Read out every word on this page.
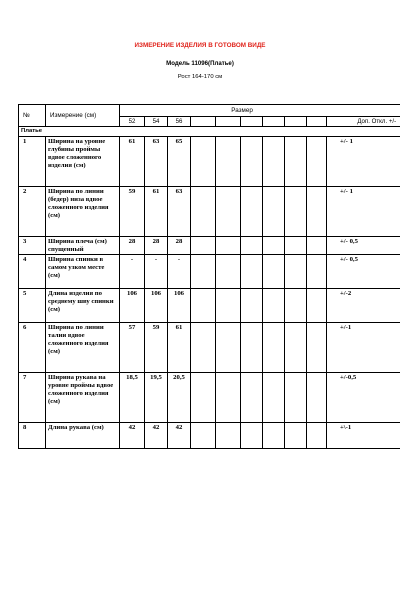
ИЗМЕРЕНИЕ ИЗДЕЛИЯ В ГОТОВОМ ВИДЕ
Модель 11096(Платье)
Рост 164-170 см
№	Измерение (см)	Размер									
		52	54	56							Доп. Откл. +/-
Платье											
1	Ширина на уровне глубины проймы вдвое сложенного изделия (см)	61	63	65							+/- 1
2	Ширина по линии (бедер) низа вдвое сложенного изделия (см)	59	61	63							+/- 1
3	Ширина плеча (см) спущенный	28	28	28							+/- 0,5
4	Ширина спинки в самом узком месте (см)	-	-	-							+/- 0,5
5	Длина изделия по среднему шву спинки (см)	106	106	106							+/-2
6	Ширина по линии талии вдвое сложенного изделия (см)	57	59	61							+/-1
7	Ширина рукава на уровне проймы вдвое сложенного изделия (см)	18,5	19,5	20,5							+/-0,5
8	Длина рукава (см)	42	42	42							+\-1
